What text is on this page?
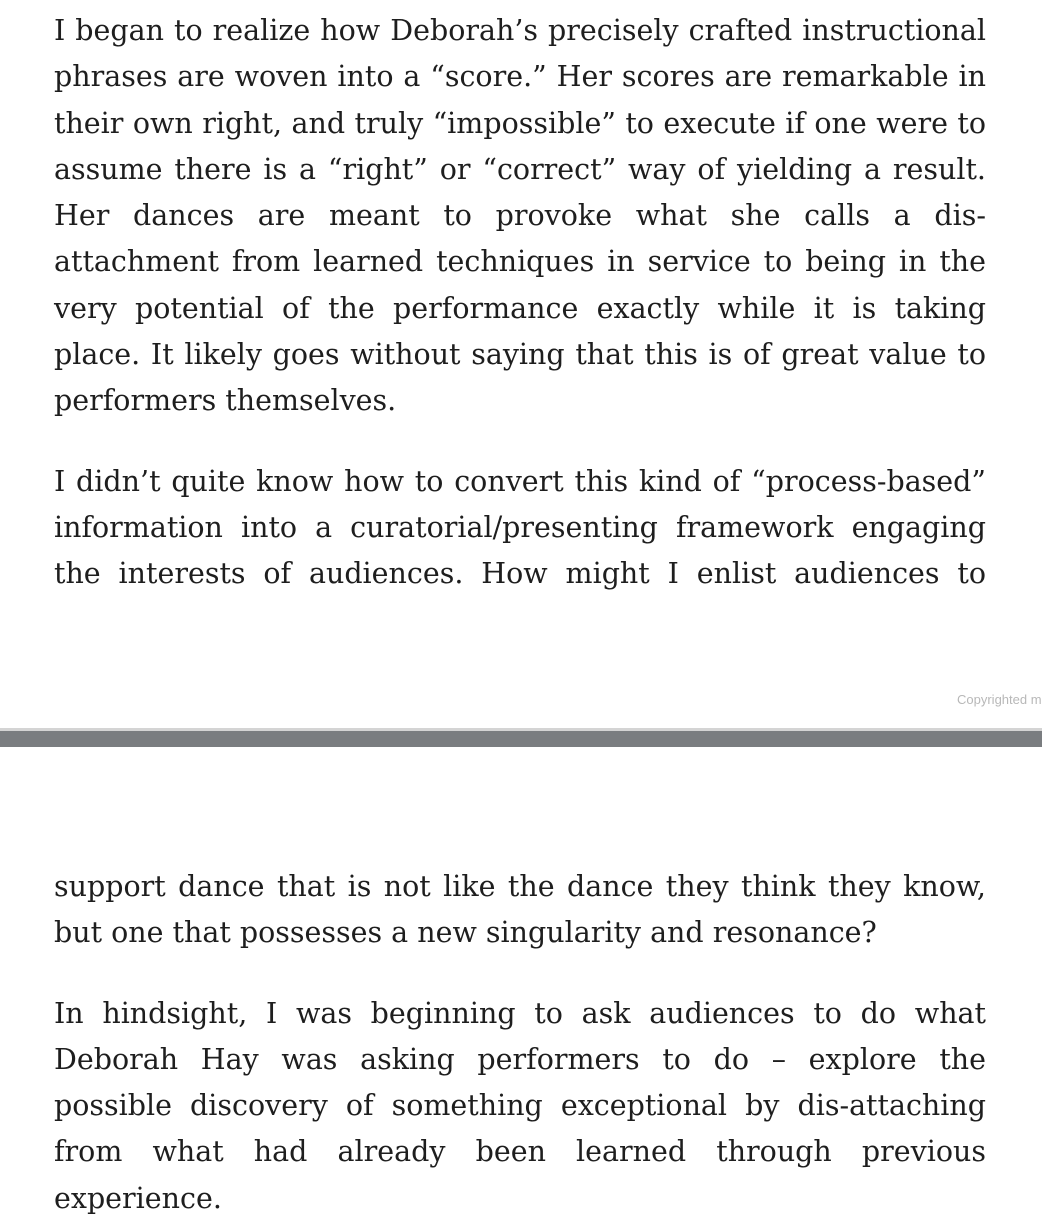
I began to realize how Deborah’s precisely crafted instructional phrases are woven into a “score.” Her scores are remarkable in their own right, and truly “impossible” to execute if one were to assume there is a “right” or “correct” way of yielding a result. Her dances are meant to provoke what she calls a dis-attachment from learned techniques in service to being in the very potential of the performance exactly while it is taking place. It likely goes without saying that this is of great value to performers themselves.

I didn’t quite know how to convert this kind of “process-based” information into a curatorial/presenting framework engaging the interests of audiences. How might I enlist audiences to

Copyrighted m

support dance that is not like the dance they think they know, but one that possesses a new singularity and resonance?

In hindsight, I was beginning to ask audiences to do what Deborah Hay was asking performers to do – explore the possible discovery of something exceptional by dis-attaching from what had already been learned through previous experience.
